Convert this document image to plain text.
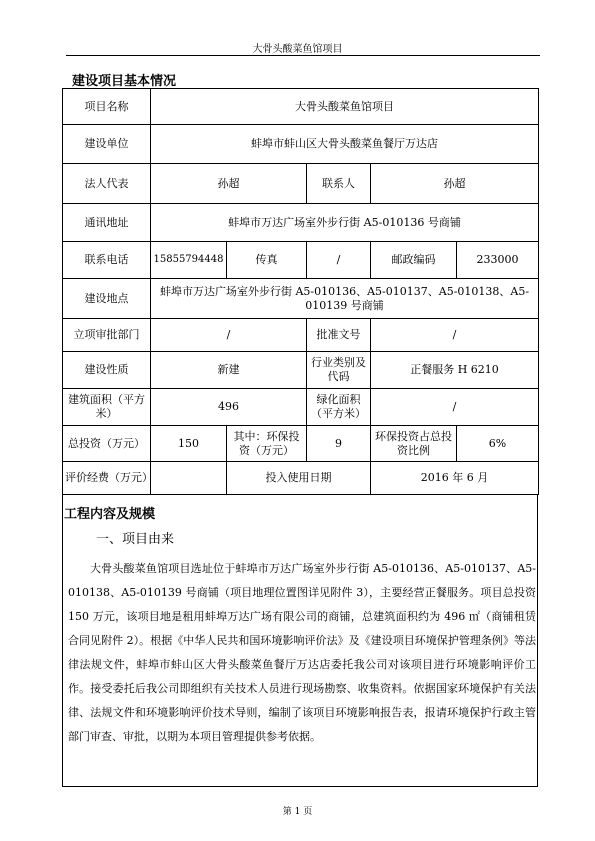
大骨头酸菜鱼馆项目
建设项目基本情况
项目名称	大骨头酸菜鱼馆项目				
建设单位	蚌埠市蚌山区大骨头酸菜鱼餐厅万达店				
法人代表	孙超		联系人	孙超	
通讯地址	蚌埠市万达广场室外步行街 A5-010136 号商铺				
联系电话	15855794448	传真	/	邮政编码	233000
建设地点	蚌埠市万达广场室外步行街 A5-010136、A5-010137、A5-010138、A5-010139 号商铺				
立项审批部门	/		批准文号	/	
建设性质	新建		行业类别及代码	正餐服务 H 6210	
建筑面积（平方米）	496		绿化面积（平方米）	/	
总投资（万元）	150	其中：环保投资（万元）	9	环保投资占总投资比例	6%
评价经费（万元）		投入使用日期		2016 年 6 月	
工程内容及规模
一、项目由来
大骨头酸菜鱼馆项目选址位于蚌埠市万达广场室外步行街 A5-010136、A5-010137、A5-010138、A5-010139 号商铺（项目地理位置图详见附件 3），主要经营正餐服务。项目总投资 150 万元，该项目地是租用蚌埠万达广场有限公司的商铺，总建筑面积约为 496 ㎡（商铺租赁合同见附件 2）。根据《中华人民共和国环境影响评价法》及《建设项目环境保护管理条例》等法律法规文件，蚌埠市蚌山区大骨头酸菜鱼餐厅万达店委托我公司对该项目进行环境影响评价工作。接受委托后我公司即组织有关技术人员进行现场勘察、收集资料。依据国家环境保护有关法律、法规文件和环境影响评价技术导则，编制了该项目环境影响报告表，报请环境保护行政主管部门审查、审批，以期为本项目管理提供参考依据。
第 1 页
